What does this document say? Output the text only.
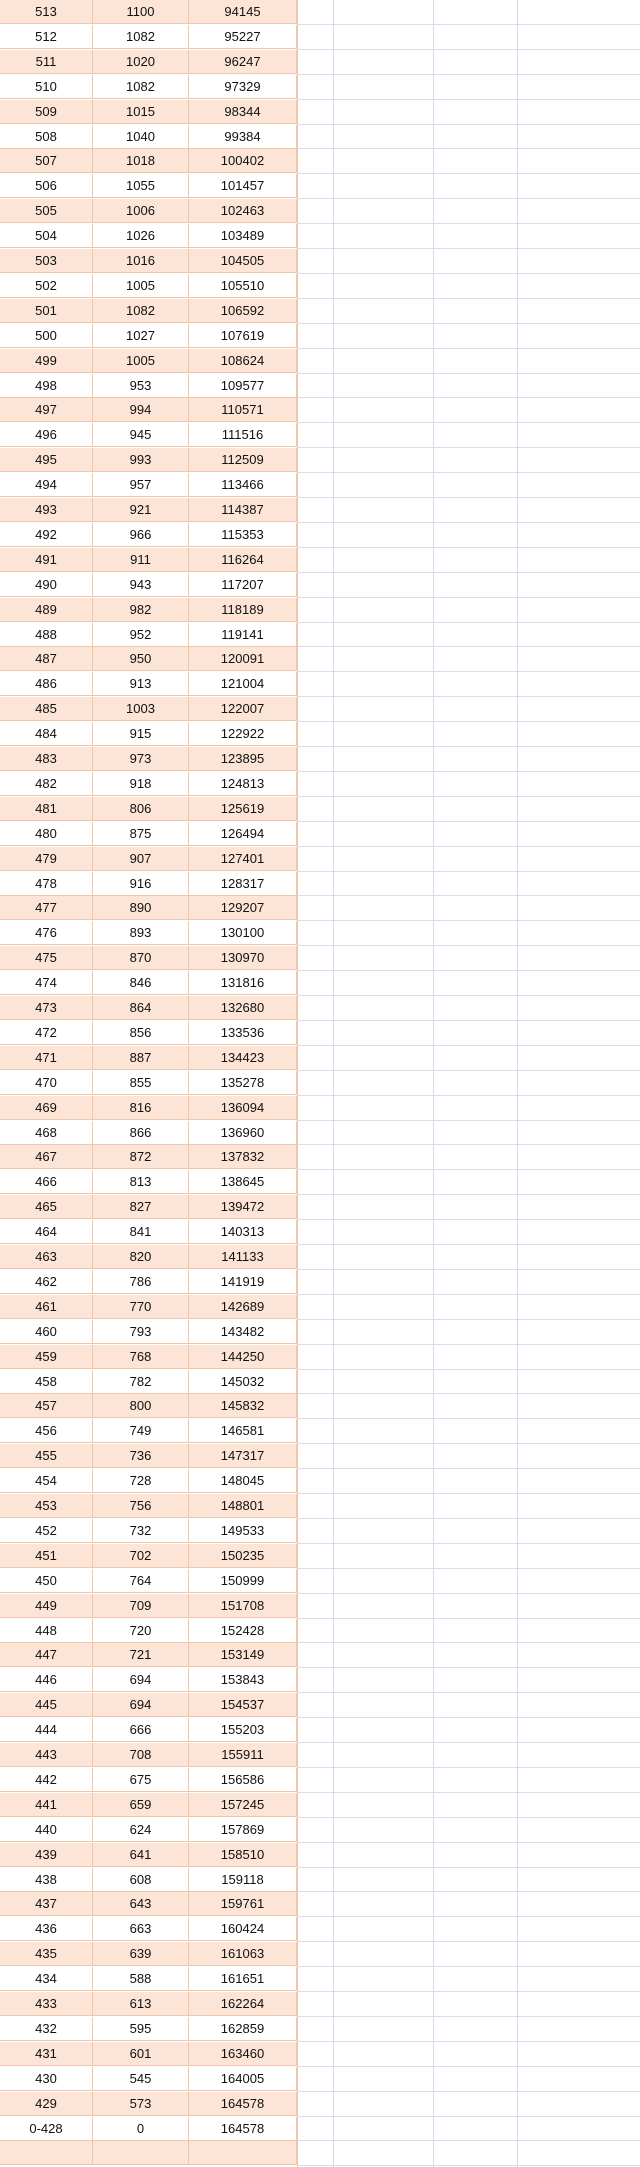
513	1100	94145
512	1082	95227
511	1020	96247
510	1082	97329
509	1015	98344
508	1040	99384
507	1018	100402
506	1055	101457
505	1006	102463
504	1026	103489
503	1016	104505
502	1005	105510
501	1082	106592
500	1027	107619
499	1005	108624
498	953	109577
497	994	110571
496	945	111516
495	993	112509
494	957	113466
493	921	114387
492	966	115353
491	911	116264
490	943	117207
489	982	118189
488	952	119141
487	950	120091
486	913	121004
485	1003	122007
484	915	122922
483	973	123895
482	918	124813
481	806	125619
480	875	126494
479	907	127401
478	916	128317
477	890	129207
476	893	130100
475	870	130970
474	846	131816
473	864	132680
472	856	133536
471	887	134423
470	855	135278
469	816	136094
468	866	136960
467	872	137832
466	813	138645
465	827	139472
464	841	140313
463	820	141133
462	786	141919
461	770	142689
460	793	143482
459	768	144250
458	782	145032
457	800	145832
456	749	146581
455	736	147317
454	728	148045
453	756	148801
452	732	149533
451	702	150235
450	764	150999
449	709	151708
448	720	152428
447	721	153149
446	694	153843
445	694	154537
444	666	155203
443	708	155911
442	675	156586
441	659	157245
440	624	157869
439	641	158510
438	608	159118
437	643	159761
436	663	160424
435	639	161063
434	588	161651
433	613	162264
432	595	162859
431	601	163460
430	545	164005
429	573	164578
0-428	0	164578
